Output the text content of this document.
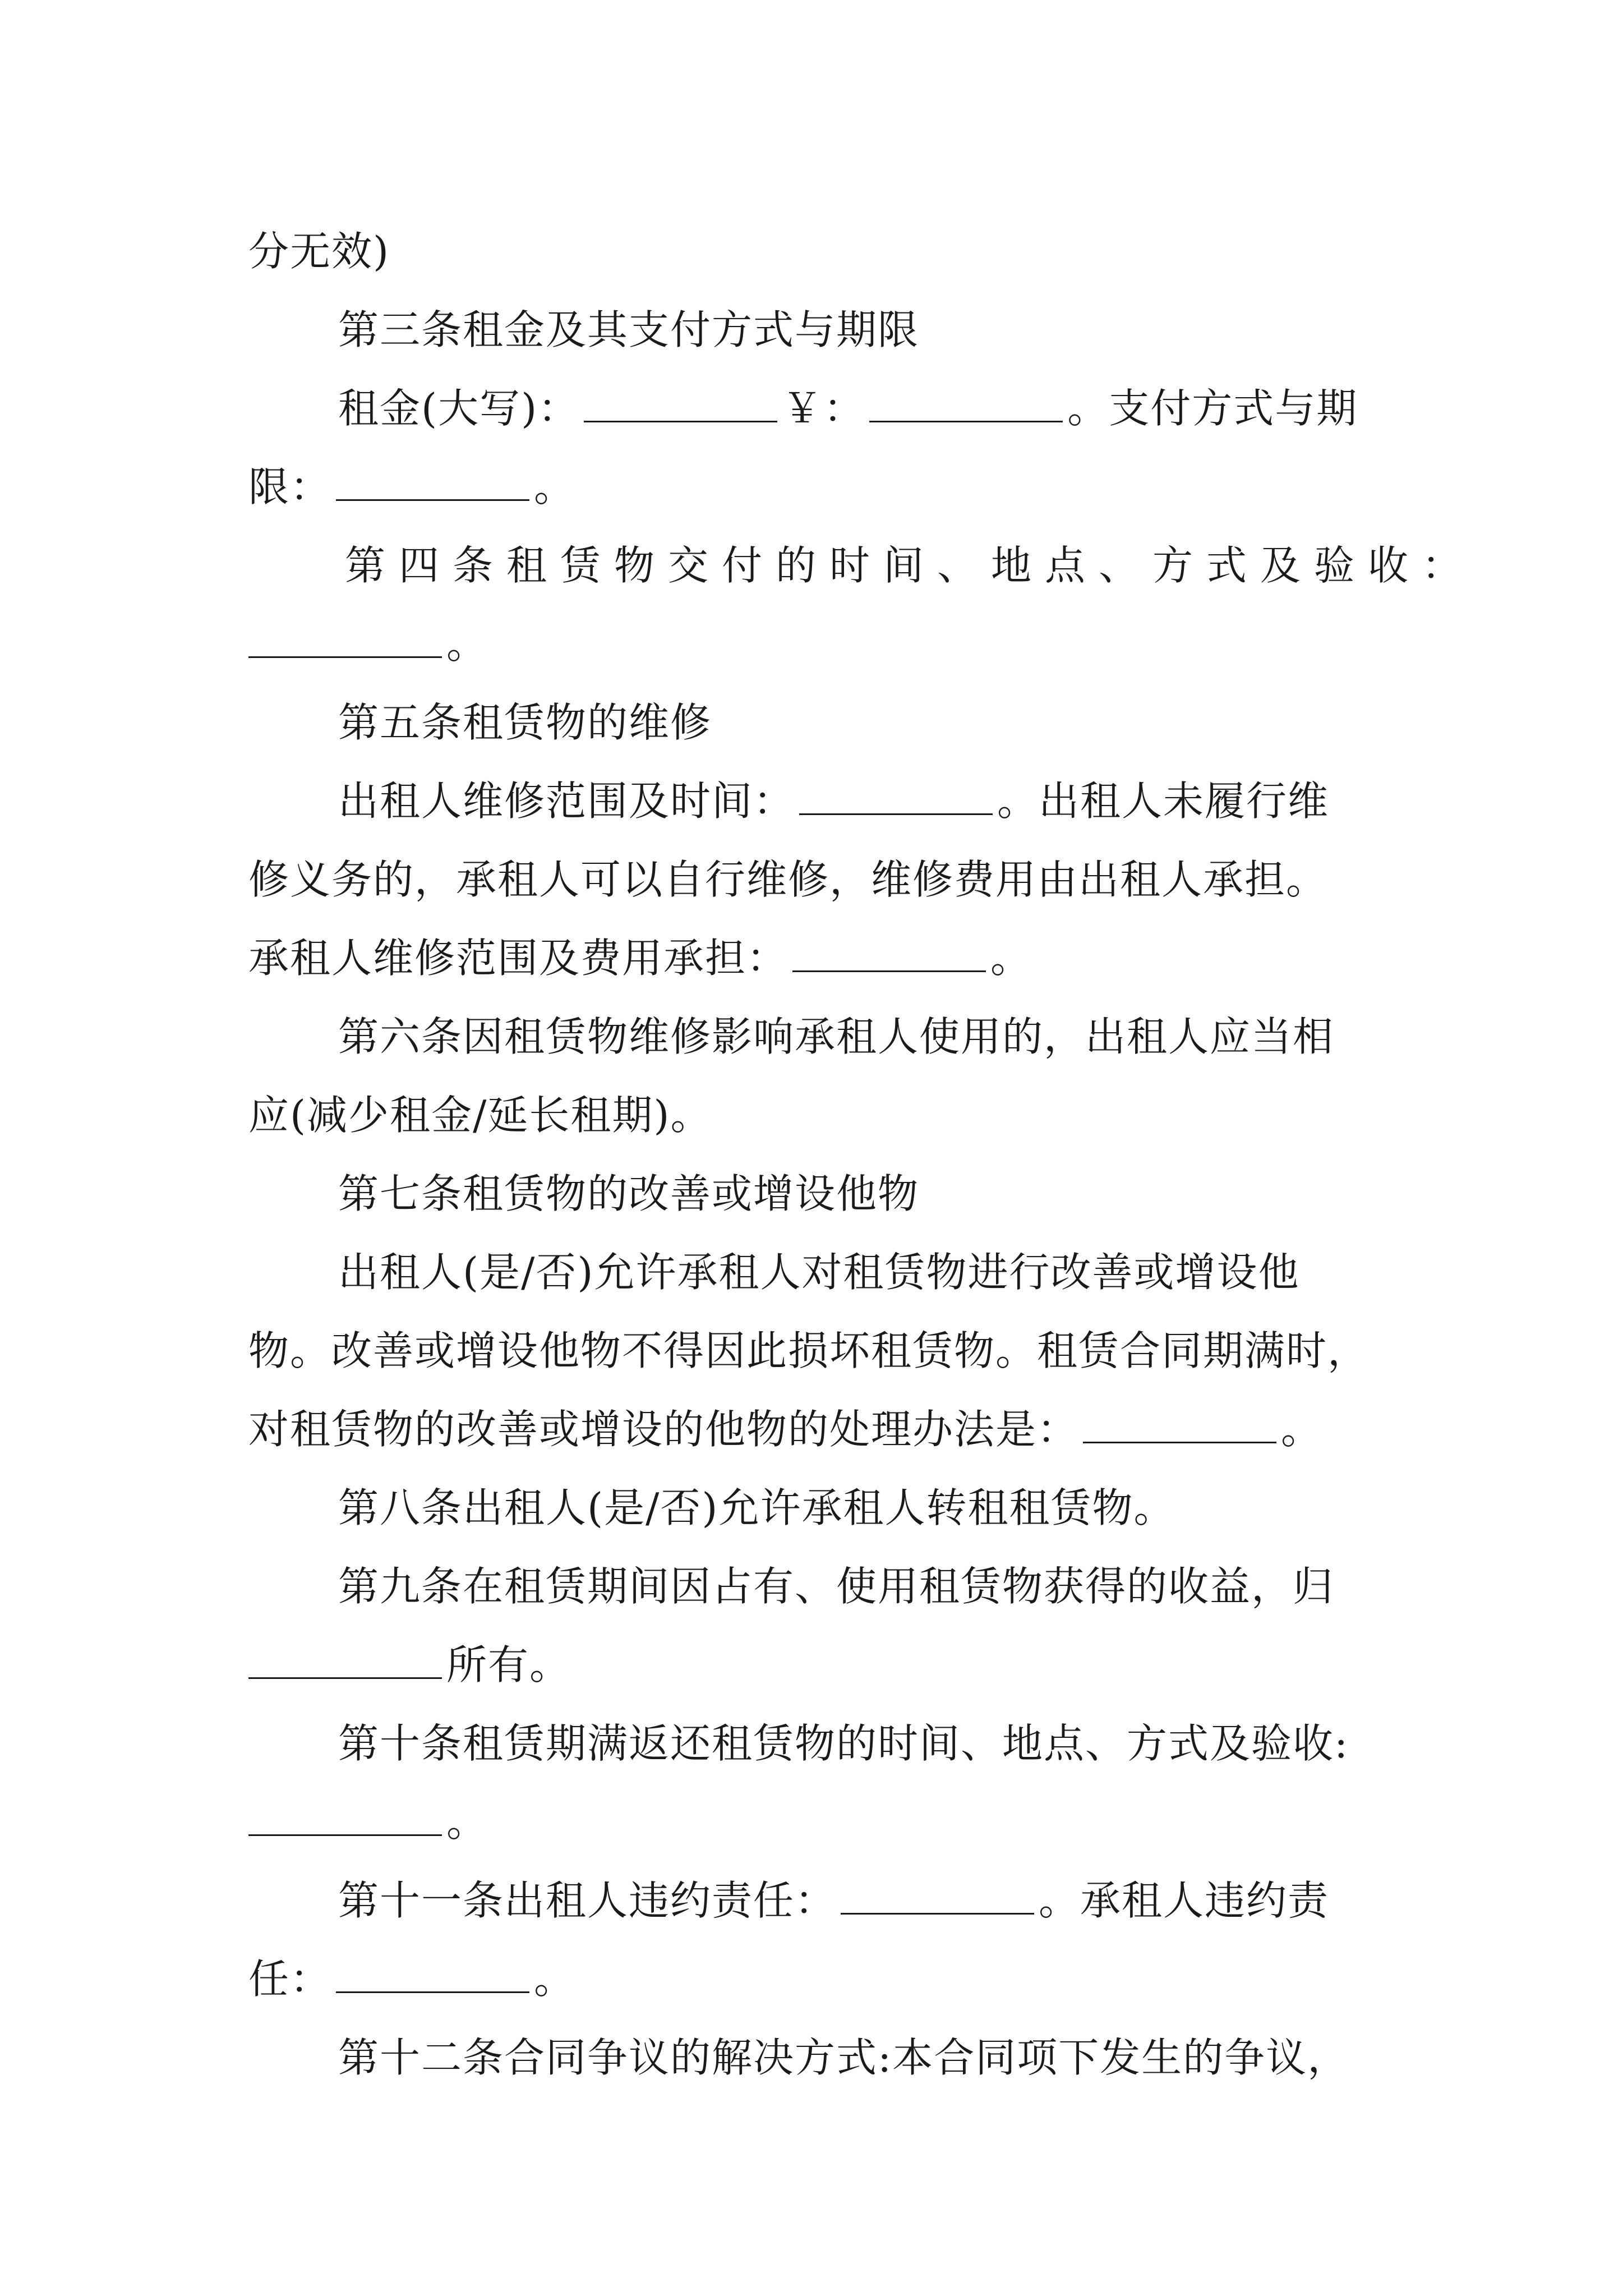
分无效)
第三条租金及其支付方式与期限
租金(大写)：	￥：	。支付方式与期
限：	。
第四条租赁物交付的时间、地点、方式及验收：
。
第五条租赁物的维修
出租人维修范围及时间：	。出租人未履行维
修义务的，承租人可以自行维修，维修费用由出租人承担。
承租人维修范围及费用承担：	。
第六条因租赁物维修影响承租人使用的，出租人应当相
应(减少租金/延长租期)。
第七条租赁物的改善或增设他物
出租人(是/否)允许承租人对租赁物进行改善或增设他
物。改善或增设他物不得因此损坏租赁物。租赁合同期满时，
对租赁物的改善或增设的他物的处理办法是：	。
第八条出租人(是/否)允许承租人转租租赁物。
第九条在租赁期间因占有、使用租赁物获得的收益，归
所有。
第十条租赁期满返还租赁物的时间、地点、方式及验收:
。
第十一条出租人违约责任：	。承租人违约责
任：	。
第十二条合同争议的解决方式:本合同项下发生的争议，
